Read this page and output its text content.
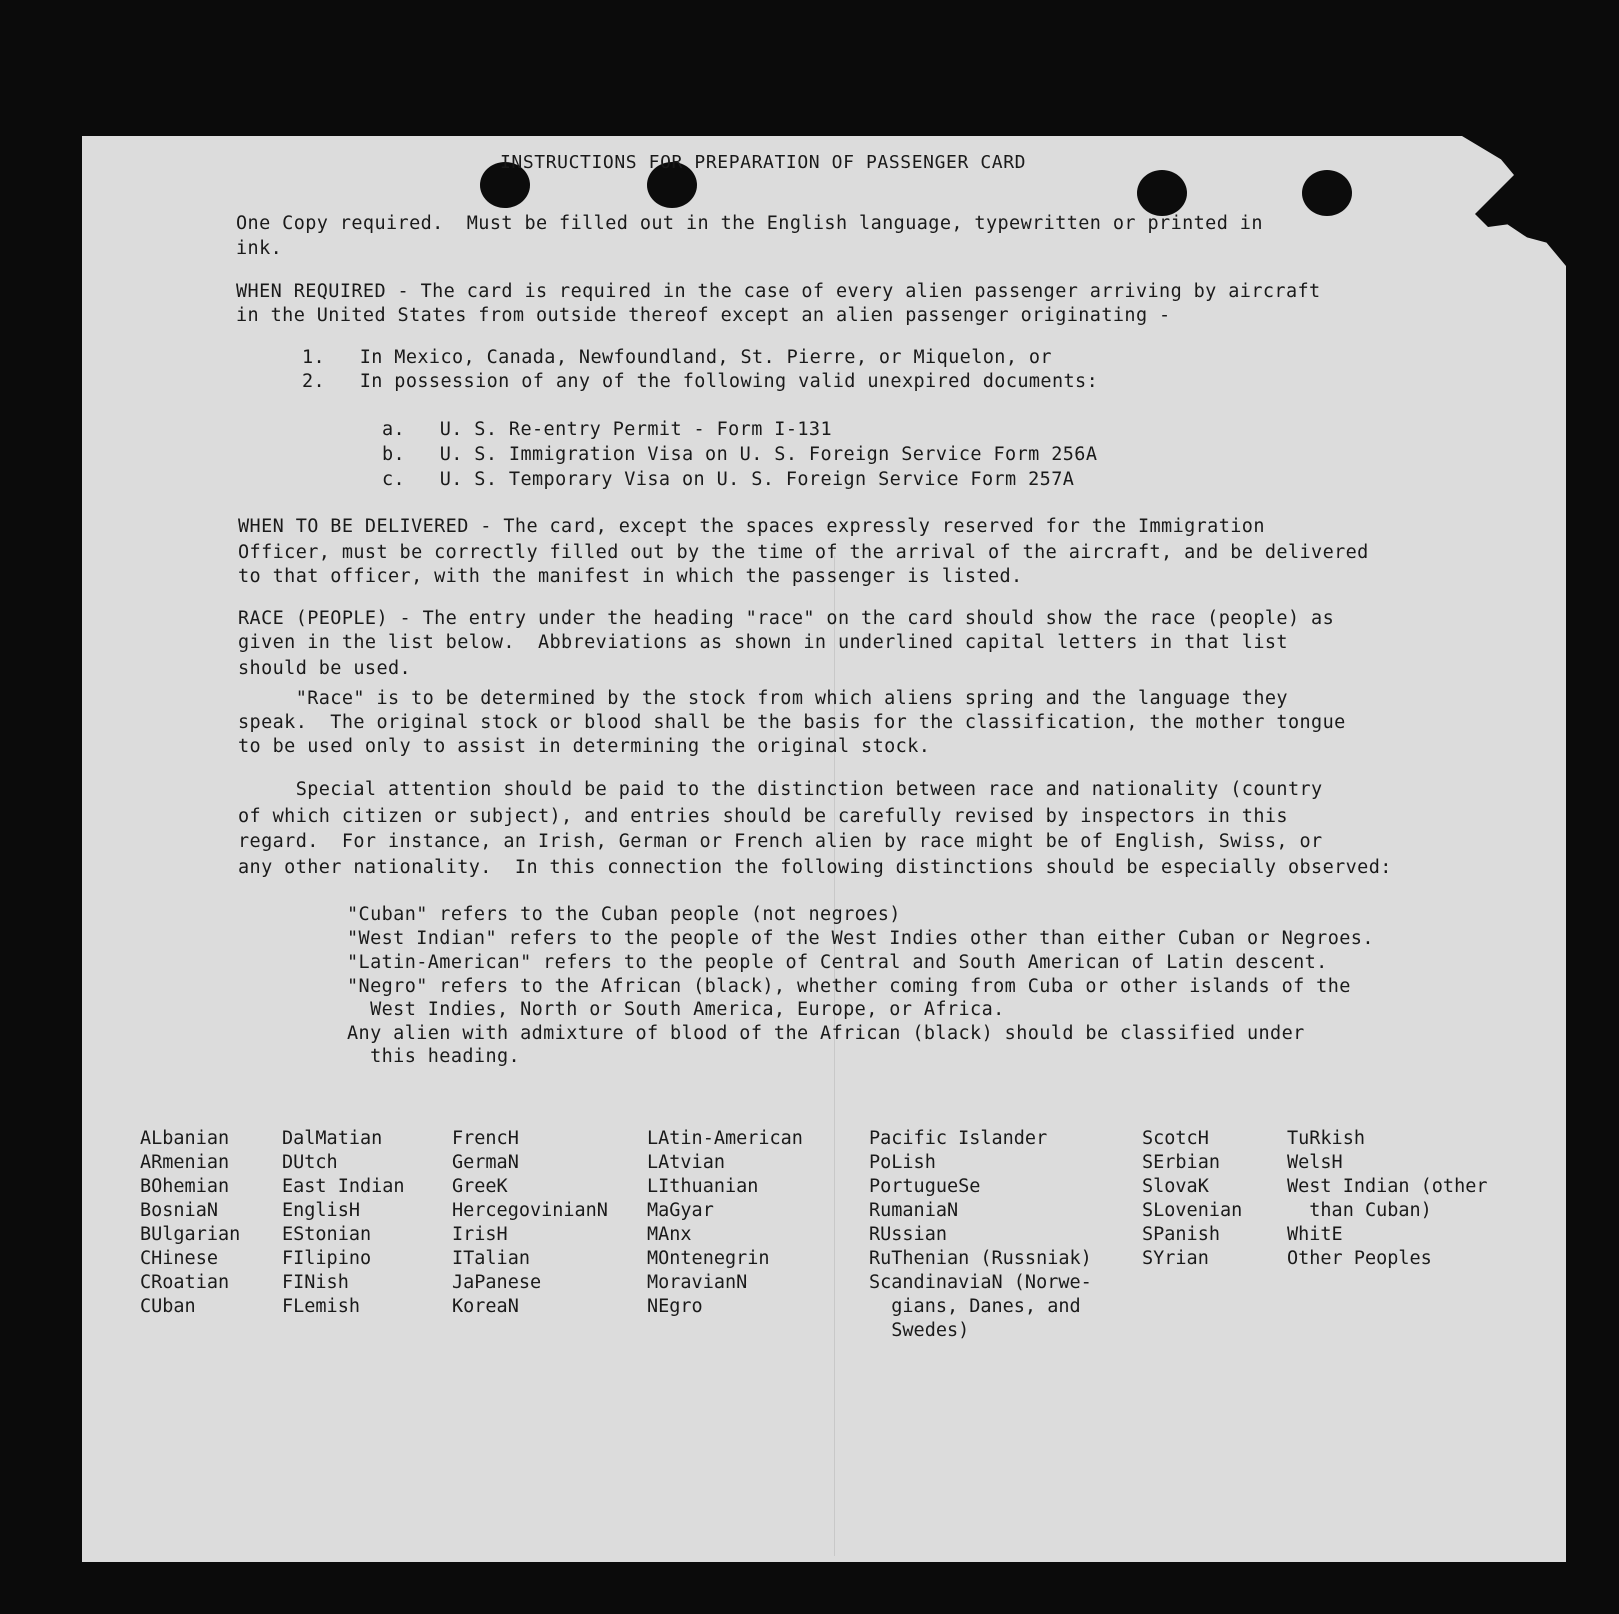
INSTRUCTIONS FOR PREPARATION OF PASSENGER CARD
One Copy required.  Must be filled out in the English language, typewritten or printed in
ink.
WHEN REQUIRED - The card is required in the case of every alien passenger arriving by aircraft
in the United States from outside thereof except an alien passenger originating -
1.   In Mexico, Canada, Newfoundland, St. Pierre, or Miquelon, or
2.   In possession of any of the following valid unexpired documents:
a.   U. S. Re-entry Permit - Form I-131
b.   U. S. Immigration Visa on U. S. Foreign Service Form 256A
c.   U. S. Temporary Visa on U. S. Foreign Service Form 257A
WHEN TO BE DELIVERED - The card, except the spaces expressly reserved for the Immigration
Officer, must be correctly filled out by the time of the arrival of the aircraft, and be delivered
to that officer, with the manifest in which the passenger is listed.
RACE (PEOPLE) - The entry under the heading "race" on the card should show the race (people) as
given in the list below.  Abbreviations as shown in underlined capital letters in that list
should be used.
"Race" is to be determined by the stock from which aliens spring and the language they
speak.  The original stock or blood shall be the basis for the classification, the mother tongue
to be used only to assist in determining the original stock.
Special attention should be paid to the distinction between race and nationality (country
of which citizen or subject), and entries should be carefully revised by inspectors in this
regard.  For instance, an Irish, German or French alien by race might be of English, Swiss, or
any other nationality.  In this connection the following distinctions should be especially observed:
"Cuban" refers to the Cuban people (not negroes)
"West Indian" refers to the people of the West Indies other than either Cuban or Negroes.
"Latin-American" refers to the people of Central and South American of Latin descent.
"Negro" refers to the African (black), whether coming from Cuba or other islands of the
West Indies, North or South America, Europe, or Africa.
Any alien with admixture of blood of the African (black) should be classified under
this heading.
ALbanian
ARmenian
BOhemian
BosniaN
BUlgarian
CHinese
CRoatian
CUban
DalMatian
DUtch
East Indian
EnglisH
EStonian
FIlipino
FINish
FLemish
FrencH
GermaN
GreeK
HercegovinianN
IrisH
ITalian
JaPanese
KoreaN
LAtin-American
LAtvian
LIthuanian
MaGyar
MAnx
MOntenegrin
MoravianN
NEgro
Pacific Islander
PoLish
PortugueSe
RumaniaN
RUssian
RuThenian (Russniak)
ScandinaviaN (Norwe-
gians, Danes, and
Swedes)
ScotcH
SErbian
SlovaK
SLovenian
SPanish
SYrian
TuRkish
WelsH
West Indian (other
than Cuban)
WhitE
Other Peoples
